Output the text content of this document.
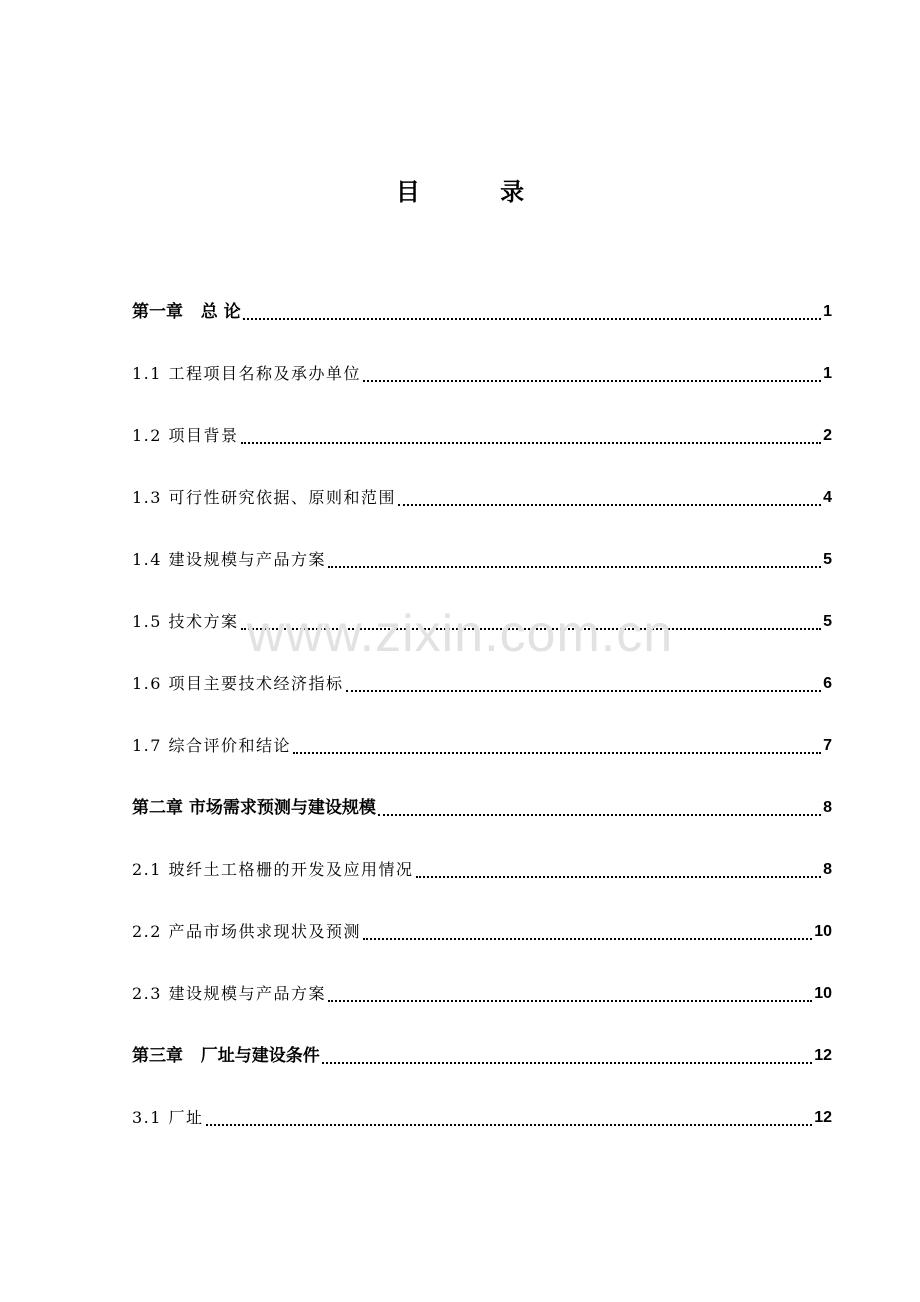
目 录
第一章   总 论	1
1.1 工程项目名称及承办单位	1
1.2 项目背景	2
1.3 可行性研究依据、原则和范围	4
1.4 建设规模与产品方案	5
1.5 技术方案	5
1.6 项目主要技术经济指标	6
1.7 综合评价和结论	7
第二章 市场需求预测与建设规模	8
2.1 玻纤土工格栅的开发及应用情况	8
2.2 产品市场供求现状及预测	10
2.3 建设规模与产品方案	10
第三章   厂址与建设条件	12
3.1 厂址	12
www.zixin.com.cn
